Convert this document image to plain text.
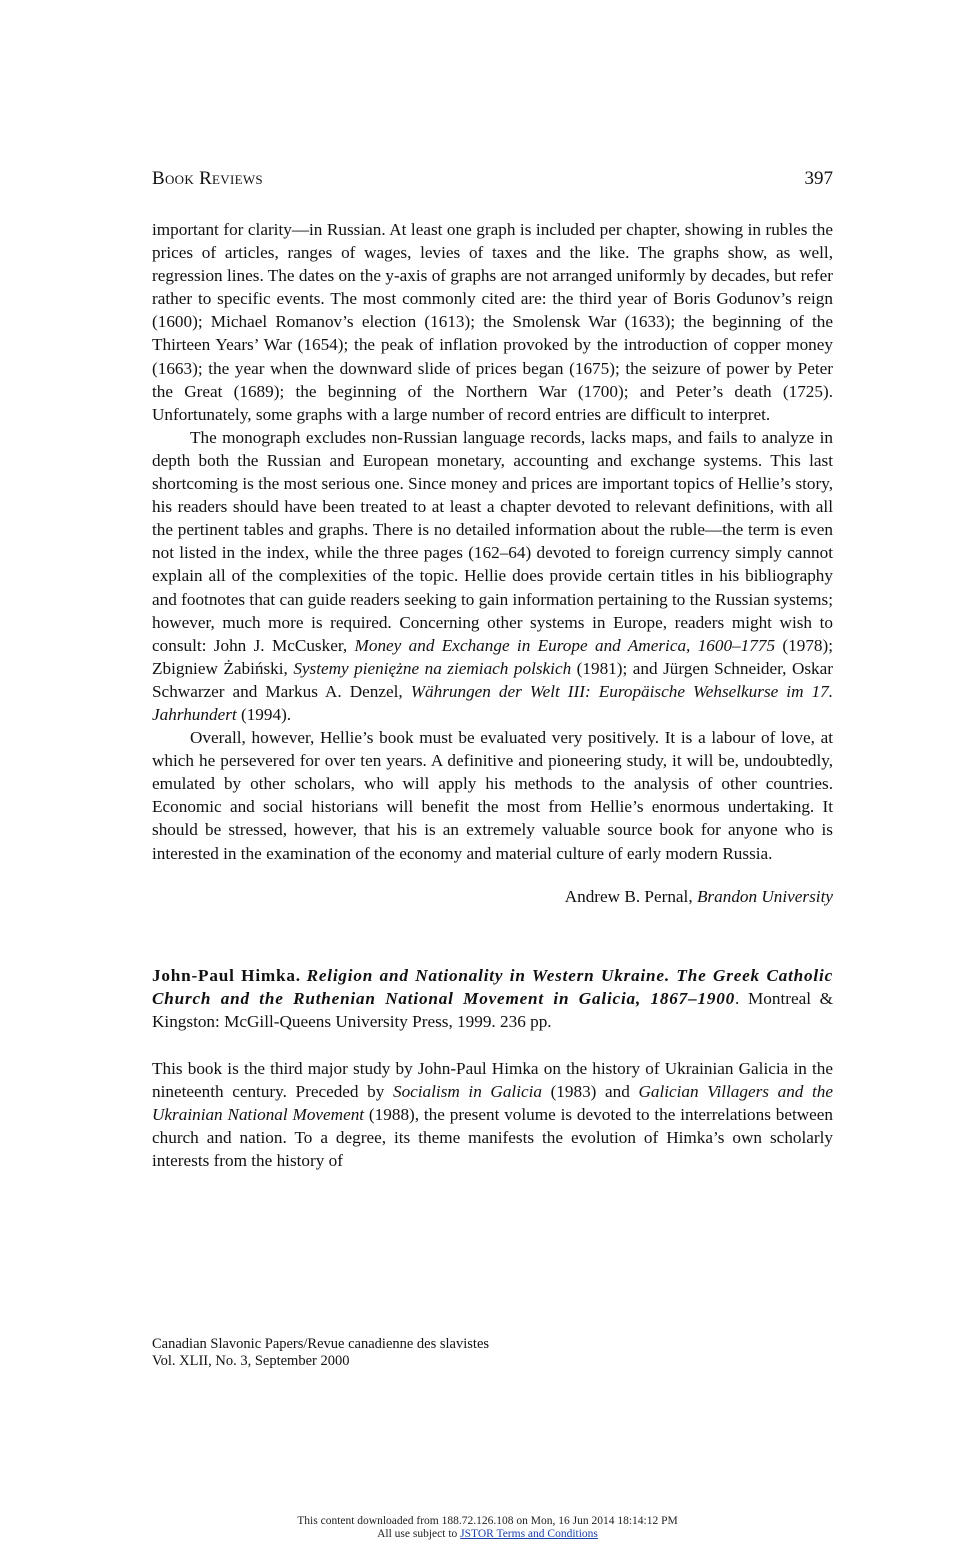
Book Reviews	397

important for clarity—in Russian. At least one graph is included per chapter, showing in rubles the prices of articles, ranges of wages, levies of taxes and the like. The graphs show, as well, regression lines. The dates on the y-axis of graphs are not arranged uniformly by decades, but refer rather to specific events. The most commonly cited are: the third year of Boris Godunov’s reign (1600); Michael Romanov’s election (1613); the Smolensk War (1633); the beginning of the Thirteen Years’ War (1654); the peak of inflation provoked by the introduction of copper money (1663); the year when the downward slide of prices began (1675); the seizure of power by Peter the Great (1689); the beginning of the Northern War (1700); and Peter’s death (1725). Unfortunately, some graphs with a large number of record entries are difficult to interpret.

The monograph excludes non-Russian language records, lacks maps, and fails to analyze in depth both the Russian and European monetary, accounting and exchange systems. This last shortcoming is the most serious one. Since money and prices are important topics of Hellie’s story, his readers should have been treated to at least a chapter devoted to relevant definitions, with all the pertinent tables and graphs. There is no detailed information about the ruble—the term is even not listed in the index, while the three pages (162–64) devoted to foreign currency simply cannot explain all of the complexities of the topic. Hellie does provide certain titles in his bibliography and footnotes that can guide readers seeking to gain information pertaining to the Russian systems; however, much more is required. Concerning other systems in Europe, readers might wish to consult: John J. McCusker, Money and Exchange in Europe and America, 1600–1775 (1978); Zbigniew Żabiński, Systemy pieniężne na ziemiach polskich (1981); and Jürgen Schneider, Oskar Schwarzer and Markus A. Denzel, Währungen der Welt III: Europäische Wehselkurse im 17. Jahrhundert (1994).

Overall, however, Hellie’s book must be evaluated very positively. It is a labour of love, at which he persevered for over ten years. A definitive and pioneering study, it will be, undoubtedly, emulated by other scholars, who will apply his methods to the analysis of other countries. Economic and social historians will benefit the most from Hellie’s enormous undertaking. It should be stressed, however, that his is an extremely valuable source book for anyone who is interested in the examination of the economy and material culture of early modern Russia.

Andrew B. Pernal, Brandon University
John-Paul Himka. Religion and Nationality in Western Ukraine. The Greek Catholic Church and the Ruthenian National Movement in Galicia, 1867–1900. Montreal & Kingston: McGill-Queens University Press, 1999. 236 pp.

This book is the third major study by John-Paul Himka on the history of Ukrainian Galicia in the nineteenth century. Preceded by Socialism in Galicia (1983) and Galician Villagers and the Ukrainian National Movement (1988), the present volume is devoted to the interrelations between church and nation. To a degree, its theme manifests the evolution of Himka’s own scholarly interests from the history of

Canadian Slavonic Papers/Revue canadienne des slavistes
Vol. XLII, No. 3, September 2000
This content downloaded from 188.72.126.108 on Mon, 16 Jun 2014 18:14:12 PM
All use subject to JSTOR Terms and Conditions
